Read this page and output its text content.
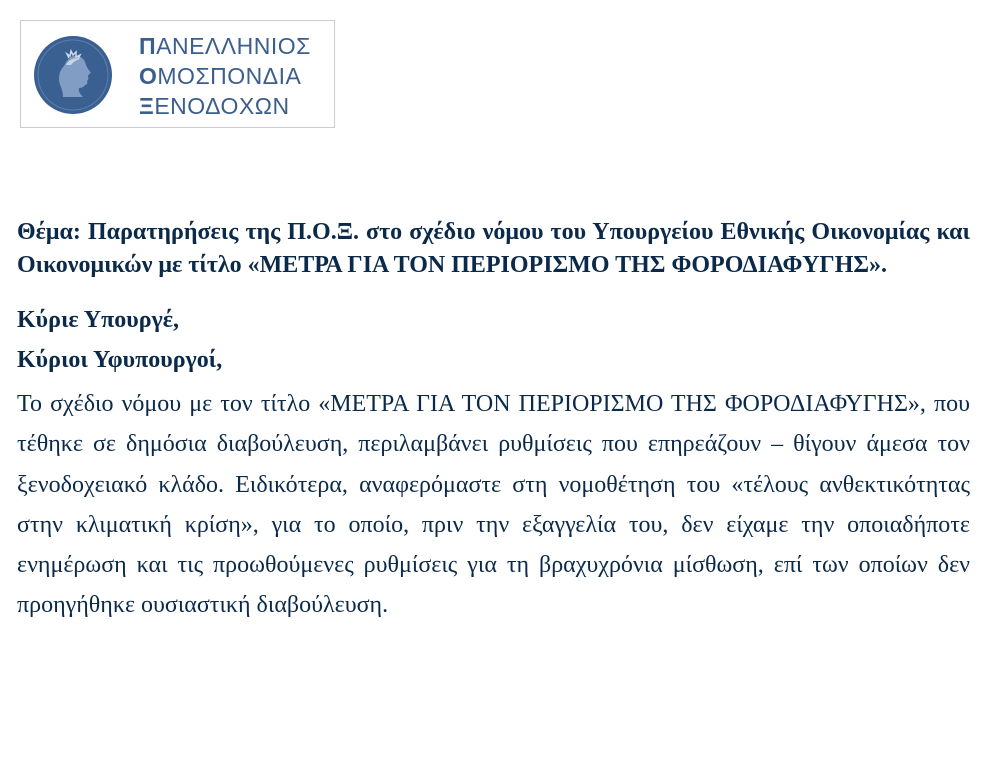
ΠΑΝΕΛΛΗΝΙΟΣ
ΟΜΟΣΠΟΝΔΙΑ
ΞΕΝΟΔΟΧΩΝ

Θέμα: Παρατηρήσεις της Π.Ο.Ξ. στο σχέδιο νόμου του Υπουργείου Εθνικής Οικονομίας και Οικονομικών με τίτλο «ΜΕΤΡΑ ΓΙΑ ΤΟΝ ΠΕΡΙΟΡΙΣΜΟ ΤΗΣ ΦΟΡΟΔΙΑΦΥΓΗΣ».

Κύριε Υπουργέ,

Κύριοι Υφυπουργοί,

Το σχέδιο νόμου με τον τίτλο «ΜΕΤΡΑ ΓΙΑ ΤΟΝ ΠΕΡΙΟΡΙΣΜΟ ΤΗΣ ΦΟΡΟΔΙΑΦΥΓΗΣ», που τέθηκε σε δημόσια διαβούλευση, περιλαμβάνει ρυθμίσεις που επηρεάζουν – θίγουν άμεσα τον ξενοδοχειακό κλάδο. Ειδικότερα, αναφερόμαστε στη νομοθέτηση του «τέλους ανθεκτικότητας στην κλιματική κρίση», για το οποίο, πριν την εξαγγελία του, δεν είχαμε την οποιαδήποτε ενημέρωση και τις προωθούμενες ρυθμίσεις για τη βραχυχρόνια μίσθωση, επί των οποίων δεν προηγήθηκε ουσιαστική διαβούλευση.
